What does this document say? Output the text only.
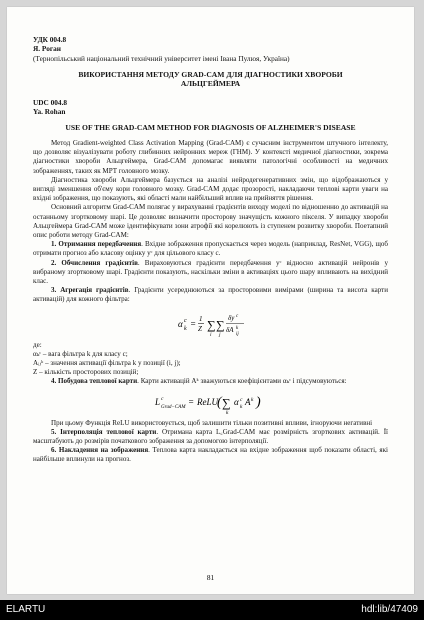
УДК 004.8
Я. Роган
(Тернопільський національний технічний університет імені Івана Пулюя, Україна)
ВИКОРИСТАННЯ МЕТОДУ GRAD-CAM ДЛЯ ДІАГНОСТИКИ ХВОРОБИ
АЛЬЦГЕЙМЕРА
UDC 004.8
Ya. Rohan
USE OF THE GRAD-CAM METHOD FOR DIAGNOSIS OF ALZHEIMER'S DISEASE

Метод Gradient-weighted Class Activation Mapping (Grad-CAM) є сучасним інструментом штучного інтелекту, що дозволяє візуалізувати роботу глибинних нейронних мереж (ГНМ). У контексті медичної діагностики, зокрема діагностики хвороби Альцгеймера, Grad-CAM допомагає виявляти патологічні особливості на медичних зображеннях, таких як МРТ головного мозку.

Діагностика хвороби Альцгеймера базується на аналізі нейродегенеративних змін, що відображаються у вигляді зменшення об'єму кори головного мозку. Grad-CAM додає прозорості, накладаючи теплові карти уваги на вхідні зображення, що показують, які області мали найбільший вплив на прийняття рішення.

Основний алгоритм Grad-CAM полягає у вирахуванні градієнтів виходу моделі по відношенню до активацій на останньому згортковому шарі. Це дозволяє визначити просторову значущість кожного пікселя. У випадку хвороби Альцгеймера Grad-CAM може ідентифікувати зони атрофії які корелюють із ступенем розвитку хвороби. Поетапний опис роботи методу Grad-CAM:

1. Отримання передбачення. Вхідне зображення пропускається через модель (наприклад, ResNet, VGG), щоб отримати прогноз або класову оцінку yᶜ для цільового класу c.

2. Обчислення градієнтів. Вираховуються градієнти передбачення yᶜ відносно активацій нейронів у вибраному згортковому шарі. Градієнти показують, наскільки зміни в активаціях цього шару впливають на вихідний клас.

3. Агрегація градієнтів. Градієнти усереднюються за просторовими вимірами (ширина та висота карти активацій) для кожного фільтра:

α c
k = 1
Z ∑
i
∑
j
δy c
δA k
ij

де:

αₖᶜ – вага фільтра k для класу c;

Aᵢⱼᵏ – значення активації фільтра k у позиції (i, j);

Z – кількість просторових позицій;

4. Побудова теплової карти. Карти активацій Aᵏ зважуються коефіцієнтами αₖᶜ і підсумовуються:

L c
Grad−CAM
= ReLU ( ∑
k
α c
k A k )

При цьому Функція ReLU використовується, щоб залишити тільки позитивні впливи, ігноруючи негативні

5. Інтерполяція теплової карти. Отримана карта L꜀Grad-CAM має розмірність згорткових активацій. Її масштабують до розмірів початкового зображення за допомогою інтерполяції.

6. Накладення на зображення. Теплова карта накладається на вхідне зображення щоб показати області, які найбільше вплинули на прогноз.

81
ELARTU	hdl:lib/47409
